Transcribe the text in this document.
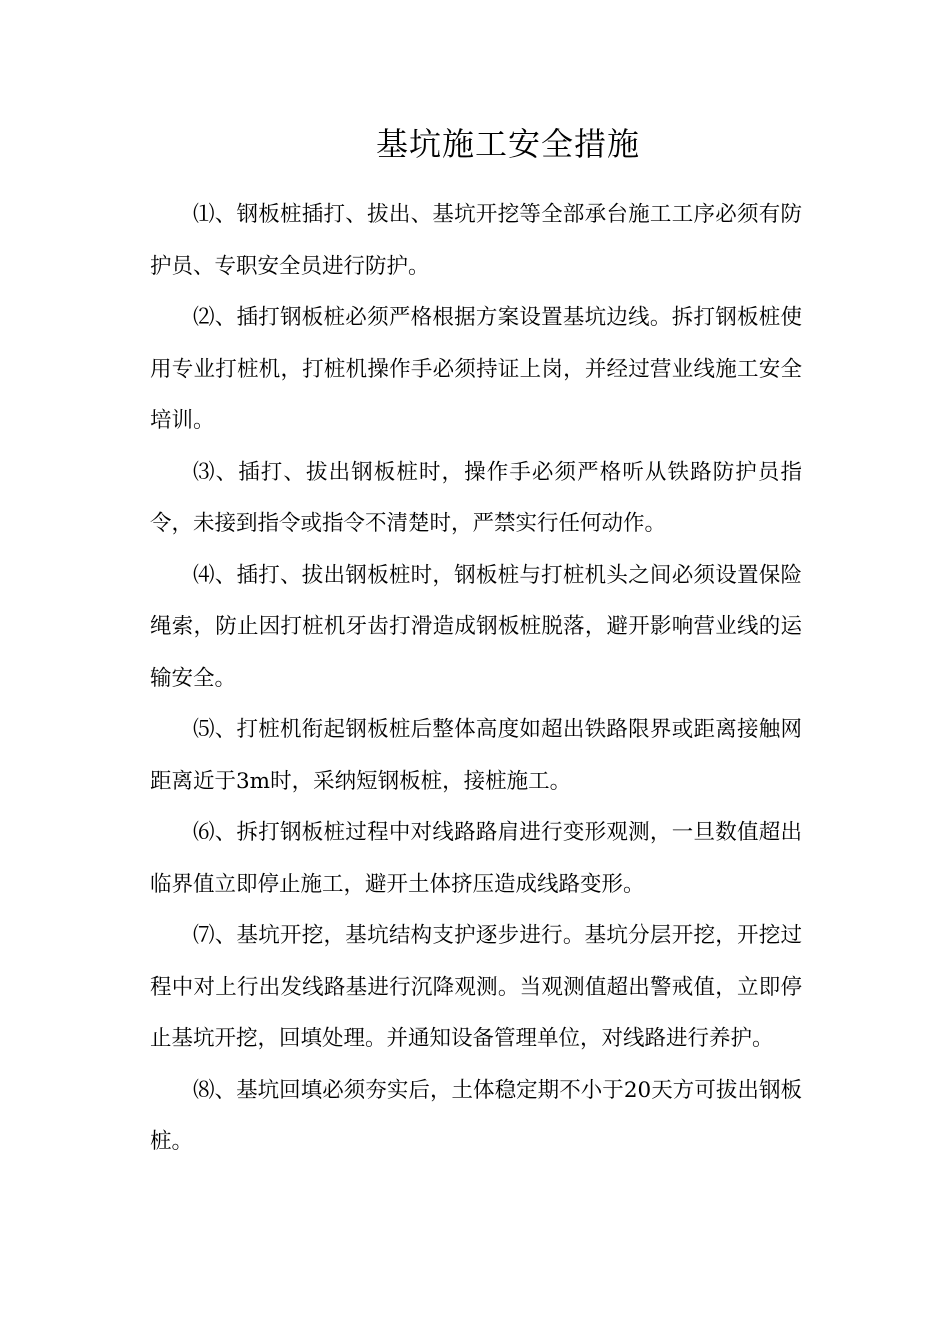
基坑施工安全措施

⑴、钢板桩插打、拔出、基坑开挖等全部承台施工工序必须有防护员、专职安全员进行防护。

⑵、插打钢板桩必须严格根据方案设置基坑边线。拆打钢板桩使用专业打桩机，打桩机操作手必须持证上岗，并经过营业线施工安全培训。

⑶、插打、拔出钢板桩时，操作手必须严格听从铁路防护员指令，未接到指令或指令不清楚时，严禁实行任何动作。

⑷、插打、拔出钢板桩时，钢板桩与打桩机头之间必须设置保险绳索，防止因打桩机牙齿打滑造成钢板桩脱落，避开影响营业线的运输安全。

⑸、打桩机衔起钢板桩后整体高度如超出铁路限界或距离接触网距离近于3m时，采纳短钢板桩，接桩施工。

⑹、拆打钢板桩过程中对线路路肩进行变形观测，一旦数值超出临界值立即停止施工，避开土体挤压造成线路变形。

⑺、基坑开挖，基坑结构支护逐步进行。基坑分层开挖，开挖过程中对上行出发线路基进行沉降观测。当观测值超出警戒值，立即停止基坑开挖，回填处理。并通知设备管理单位，对线路进行养护。

⑻、基坑回填必须夯实后，土体稳定期不小于20天方可拔出钢板桩。
